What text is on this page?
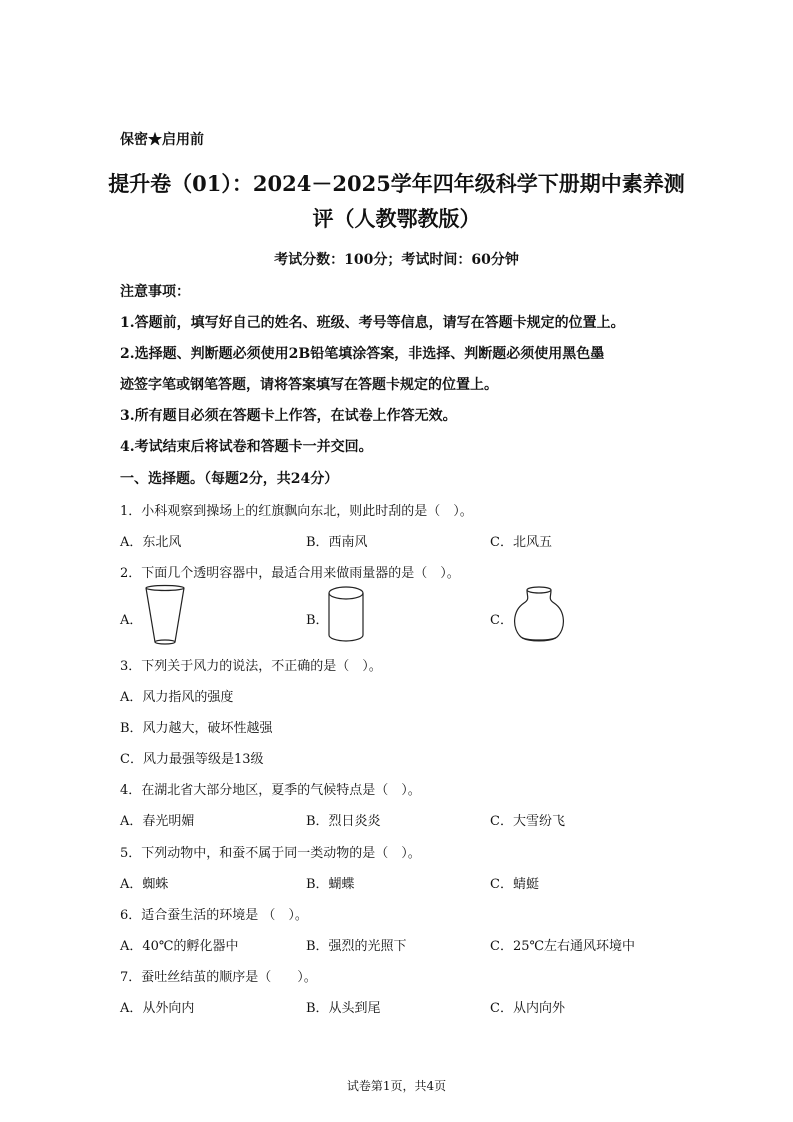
保密★启用前
提升卷（01）：2024－2025学年四年级科学下册期中素养测
评（人教鄂教版）
考试分数：100分；考试时间：60分钟
注意事项：
1.答题前，填写好自己的姓名、班级、考号等信息，请写在答题卡规定的位置上。
2.选择题、判断题必须使用2B铅笔填涂答案，非选择、判断题必须使用黑色墨
迹签字笔或钢笔答题，请将答案填写在答题卡规定的位置上。
3.所有题目必须在答题卡上作答，在试卷上作答无效。
4.考试结束后将试卷和答题卡一并交回。
一、选择题。（每题2分，共24分）
1．小科观察到操场上的红旗飘向东北，则此时刮的是（　）。
A．东北风	B．西南风	C．北风五
2．下面几个透明容器中，最适合用来做雨量器的是（　）。
A．	B．	C．
3．下列关于风力的说法，不正确的是（　）。
A．风力指风的强度
B．风力越大，破坏性越强
C．风力最强等级是13级
4．在湖北省大部分地区，夏季的气候特点是（　）。
A．春光明媚	B．烈日炎炎	C．大雪纷飞
5．下列动物中，和蚕不属于同一类动物的是（　）。
A．蜘蛛	B．蝴蝶	C．蜻蜓
6．适合蚕生活的环境是 （　）。
A．40℃的孵化器中	B．强烈的光照下	C．25℃左右通风环境中
7．蚕吐丝结茧的顺序是（　　）。
A．从外向内	B．从头到尾	C．从内向外
试卷第1页，共4页
